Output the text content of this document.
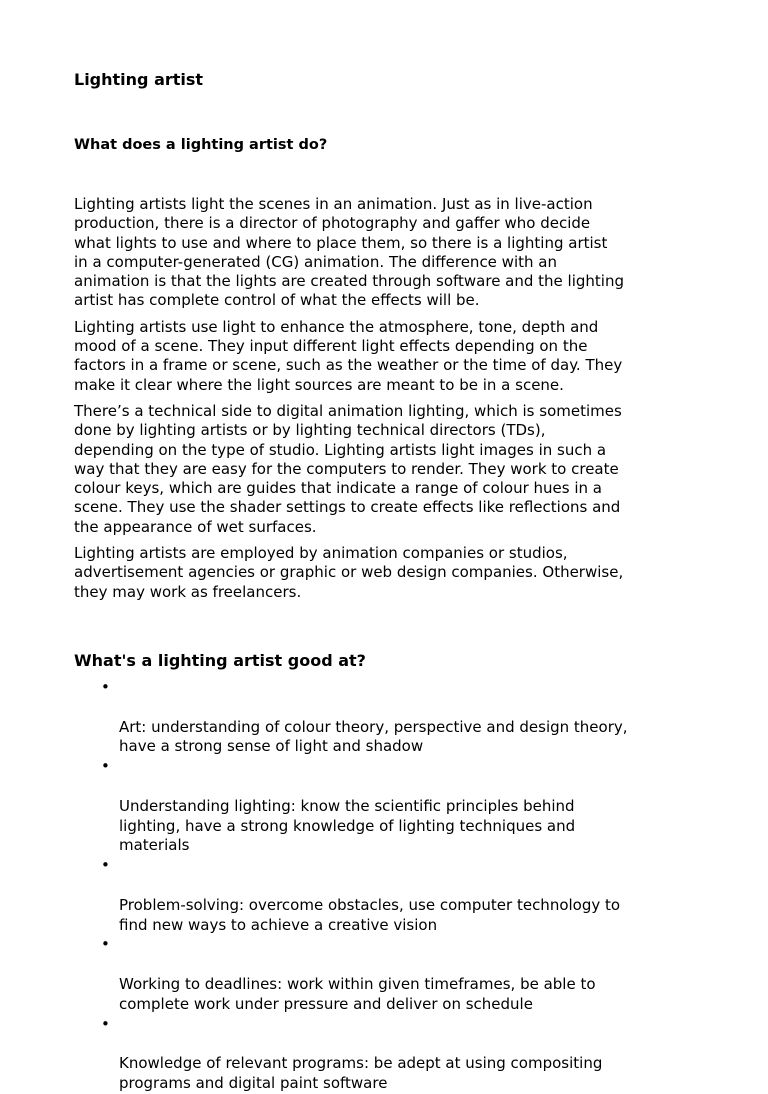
Lighting artist
What does a lighting artist do?

Lighting artists light the scenes in an animation. Just as in live-action
production, there is a director of photography and gaffer who decide
what lights to use and where to place them, so there is a lighting artist
in a computer-generated (CG) animation. The difference with an
animation is that the lights are created through software and the lighting
artist has complete control of what the effects will be.

Lighting artists use light to enhance the atmosphere, tone, depth and
mood of a scene. They input different light effects depending on the
factors in a frame or scene, such as the weather or the time of day. They
make it clear where the light sources are meant to be in a scene.

There’s a technical side to digital animation lighting, which is sometimes
done by lighting artists or by lighting technical directors (TDs),
depending on the type of studio. Lighting artists light images in such a
way that they are easy for the computers to render. They work to create
colour keys, which are guides that indicate a range of colour hues in a
scene. They use the shader settings to create effects like reflections and
the appearance of wet surfaces.

Lighting artists are employed by animation companies or studios,
advertisement agencies or graphic or web design companies. Otherwise,
they may work as freelancers.

What's a lighting artist good at?

•

Art: understanding of colour theory, perspective and design theory,
have a strong sense of light and shadow

•

Understanding lighting: know the scientific principles behind
lighting, have a strong knowledge of lighting techniques and
materials

•

Problem-solving: overcome obstacles, use computer technology to
find new ways to achieve a creative vision

•

Working to deadlines: work within given timeframes, be able to
complete work under pressure and deliver on schedule

•

Knowledge of relevant programs: be adept at using compositing
programs and digital paint software
